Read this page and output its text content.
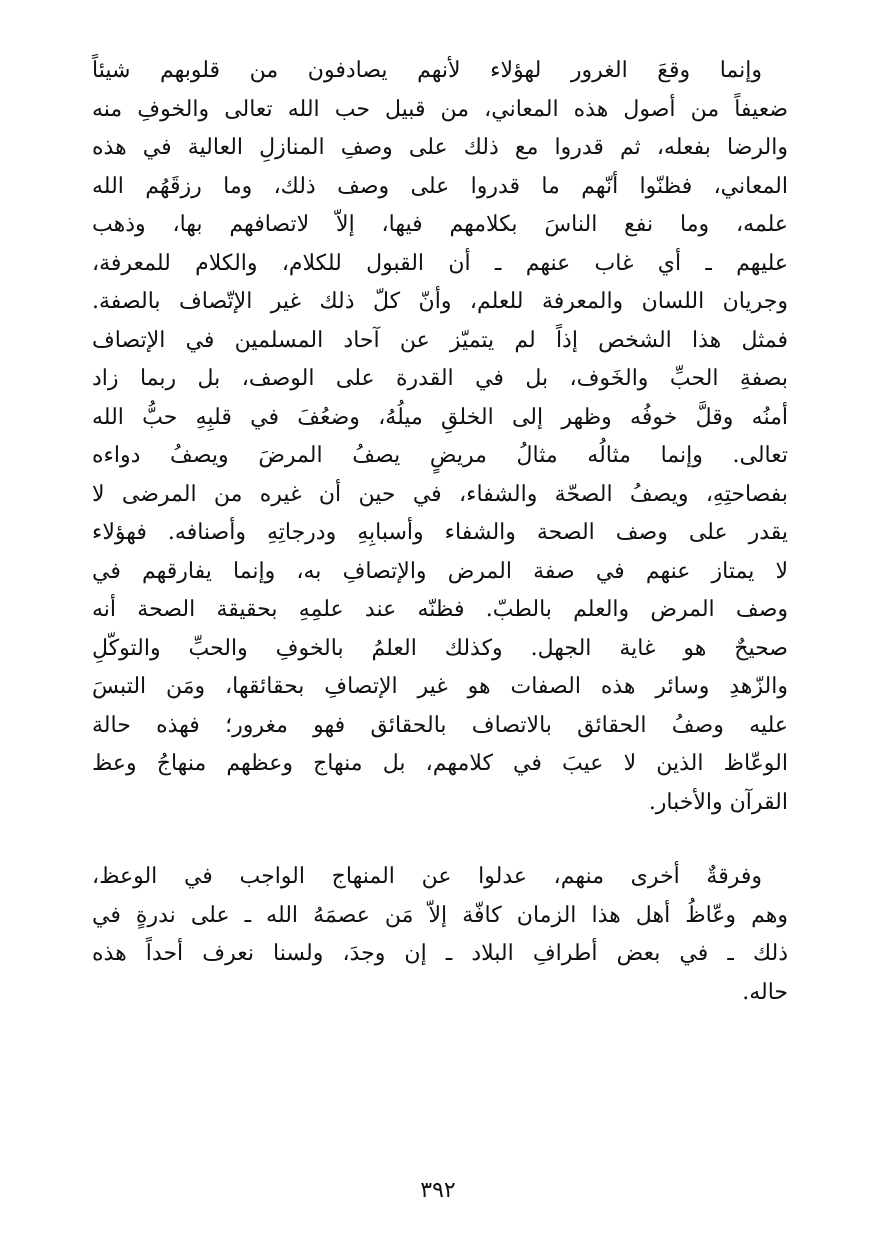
وإنما وقعَ الغرور لهؤلاء لأنهم يصادفون من قلوبهم شيئاً
ضعيفاً من أصول هذه المعاني، من قبيل حب الله تعالى والخوفِ منه
والرضا بفعله، ثم قدروا مع ذلك على وصفِ المنازلِ العالية في هذه
المعاني، فظنّوا أنّهم ما قدروا على وصف ذلك، وما رزقَهُم الله
علمه، وما نفع الناسَ بكلامهم فيها، إلاّ لاتصافهم بها، وذهب
عليهم ـ أي غاب عنهم ـ أن القبول للكلام، والكلام للمعرفة،
وجريان اللسان والمعرفة للعلم، وأنّ كلّ ذلك غير الإتّصاف بالصفة.
فمثل هذا الشخص إذاً لم يتميّز عن آحاد المسلمين في الإتصاف
بصفةِ الحبِّ والخَوف، بل في القدرة على الوصف، بل ربما زاد
أمنُه وقلَّ خوفُه وظهر إلى الخلقِ ميلُهُ، وضعُفَ في قلبِهِ حبُّ الله
تعالى. وإنما مثالُه مثالُ مريضٍ يصفُ المرضَ ويصفُ دواءه
بفصاحتِهِ، ويصفُ الصحّة والشفاء، في حين أن غيره من المرضى لا
يقدر على وصف الصحة والشفاء وأسبابِهِ ودرجاتِهِ وأصنافه. فهؤلاء
لا يمتاز عنهم في صفة المرض والإتصافِ به، وإنما يفارقهم في
وصف المرض والعلم بالطبّ. فظنّه عند علمِهِ بحقيقة الصحة أنه
صحيحٌ هو غاية الجهل. وكذلك العلمُ بالخوفِ والحبِّ والتوكّلِ
والزّهدِ وسائر هذه الصفات هو غير الإتصافِ بحقائقها، ومَن التبسَ
عليه وصفُ الحقائق بالاتصاف بالحقائق فهو مغرور؛ فهذه حالة
الوعّاظ الذين لا عيبَ في كلامهم، بل منهاج وعظهم منهاجُ وعظ
القرآن والأخبار.
وفرقةٌ أخرى منهم، عدلوا عن المنهاج الواجب في الوعظ،
وهم وعّاظُ أهل هذا الزمان كافّة إلاّ مَن عصمَهُ الله ـ على ندرةٍ في
ذلك ـ في بعض أطرافِ البلاد ـ إن وجدَ، ولسنا نعرف أحداً هذه
حاله.
٣٩٢
